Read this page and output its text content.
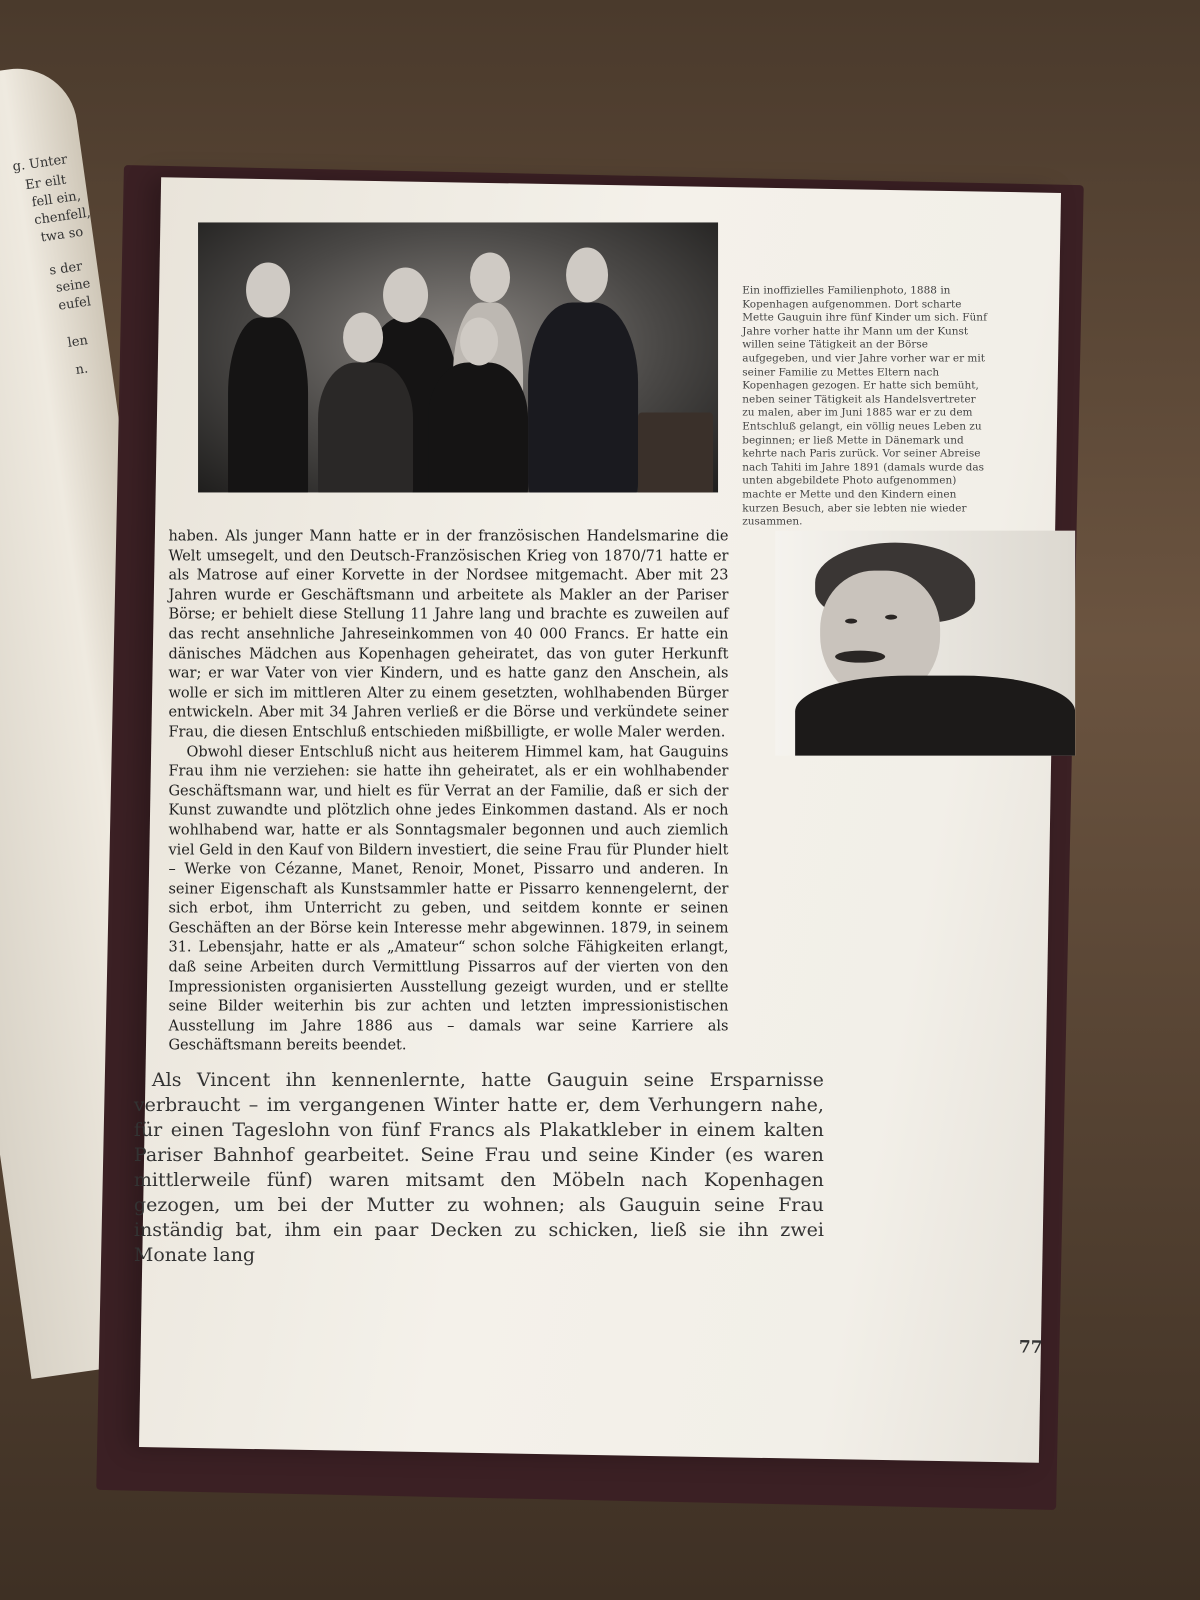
g. Unter
Er eilt
fell ein,
chenfell,
twa so
s der
seine
eufel
len
n.
Ein inoffizielles Familienphoto, 1888 in Kopenhagen aufgenommen. Dort scharte Mette Gauguin ihre fünf Kinder um sich. Fünf Jahre vorher hatte ihr Mann um der Kunst willen seine Tätigkeit an der Börse aufgegeben, und vier Jahre vorher war er mit seiner Familie zu Mettes Eltern nach Kopenhagen gezogen. Er hatte sich bemüht, neben seiner Tätigkeit als Handelsvertreter zu malen, aber im Juni 1885 war er zu dem Entschluß gelangt, ein völlig neues Leben zu beginnen; er ließ Mette in Dänemark und kehrte nach Paris zurück. Vor seiner Abreise nach Tahiti im Jahre 1891 (damals wurde das unten abgebildete Photo aufgenommen) machte er Mette und den Kindern einen kurzen Besuch, aber sie lebten nie wieder zusammen.

haben. Als junger Mann hatte er in der französischen Handelsmarine die Welt umsegelt, und den Deutsch-Französischen Krieg von 1870/71 hatte er als Matrose auf einer Korvette in der Nordsee mitgemacht. Aber mit 23 Jahren wurde er Geschäftsmann und arbeitete als Makler an der Pariser Börse; er behielt diese Stellung 11 Jahre lang und brachte es zuweilen auf das recht ansehnliche Jahreseinkommen von 40 000 Francs. Er hatte ein dänisches Mädchen aus Kopenhagen geheiratet, das von guter Herkunft war; er war Vater von vier Kindern, und es hatte ganz den Anschein, als wolle er sich im mittleren Alter zu einem gesetzten, wohlhabenden Bürger entwickeln. Aber mit 34 Jahren verließ er die Börse und verkündete seiner Frau, die diesen Entschluß entschieden mißbilligte, er wolle Maler werden.

Obwohl dieser Entschluß nicht aus heiterem Himmel kam, hat Gauguins Frau ihm nie verziehen: sie hatte ihn geheiratet, als er ein wohlhabender Geschäftsmann war, und hielt es für Verrat an der Familie, daß er sich der Kunst zuwandte und plötzlich ohne jedes Einkommen dastand. Als er noch wohlhabend war, hatte er als Sonntagsmaler begonnen und auch ziemlich viel Geld in den Kauf von Bildern investiert, die seine Frau für Plunder hielt – Werke von Cézanne, Manet, Renoir, Monet, Pissarro und anderen. In seiner Eigenschaft als Kunstsammler hatte er Pissarro kennengelernt, der sich erbot, ihm Unterricht zu geben, und seitdem konnte er seinen Geschäften an der Börse kein Interesse mehr abgewinnen. 1879, in seinem 31. Lebensjahr, hatte er als „Amateur“ schon solche Fähigkeiten erlangt, daß seine Arbeiten durch Vermittlung Pissarros auf der vierten von den Impressionisten organisierten Ausstellung gezeigt wurden, und er stellte seine Bilder weiterhin bis zur achten und letzten impressionistischen Ausstellung im Jahre 1886 aus – damals war seine Karriere als Geschäftsmann bereits beendet.

Als Vincent ihn kennenlernte, hatte Gauguin seine Ersparnisse verbraucht – im vergangenen Winter hatte er, dem Verhungern nahe, für einen Tageslohn von fünf Francs als Plakatkleber in einem kalten Pariser Bahnhof gearbeitet. Seine Frau und seine Kinder (es waren mittlerweile fünf) waren mitsamt den Möbeln nach Kopenhagen gezogen, um bei der Mutter zu wohnen; als Gauguin seine Frau inständig bat, ihm ein paar Decken zu schicken, ließ sie ihn zwei Monate lang

77
